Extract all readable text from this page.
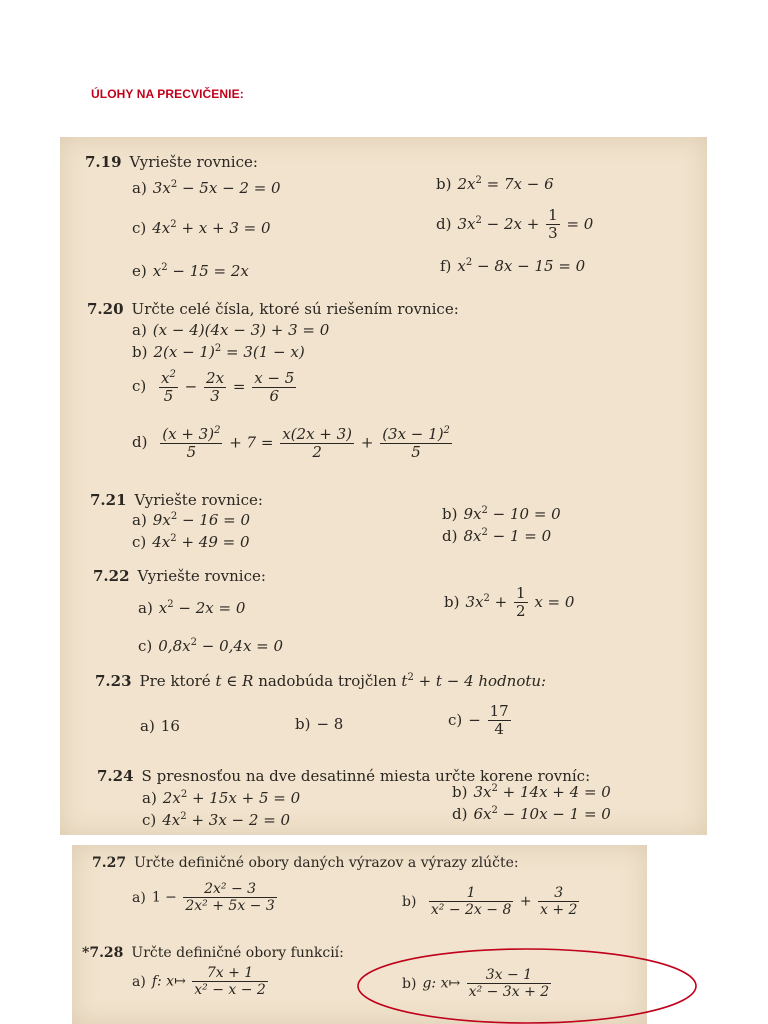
ÚLOHY NA PRECVIČENIE:
7.19 Vyriešte rovnice:
a) $3x^2 - 5x - 2 = 0$	b) $2x^2 = 7x - 6$
c) $4x^2 + x + 3 = 0$	d) $3x^2 - 2x + \frac{1}{3} = 0$
e) $x^2 - 15 = 2x$	f) $x^2 - 8x - 15 = 0$
7.20 Určte celé čísla, ktoré sú riešením rovnice:
a) (x − 4)(4x − 3) + 3 = 0
b) $2(x - 1)^2 = 3(1 - x)$
$c) \frac{x^2}{5} - \frac{2x}{3} = \frac{x - 5}{6}$
$d) \frac{(x + 3)^2}{5} + 7 = \frac{x(2x + 3)}{2} + \frac{(3x - 1)^2}{5}$
7.21 Vyriešte rovnice:
a) $9x^2 - 16 = 0$	b) $9x^2 - 10 = 0$
c) $4x^2 + 49 = 0$	d) $8x^2 - 1 = 0$
7.22 Vyriešte rovnice:
a) $x^2 - 2x = 0$	b) $3x^2 + \frac{1}{2}$ x = 0
c) $0,8x^2 - 0,4x = 0$
7.23 Pre ktoré t ∈ R nadobúda trojčlen $t^2 + t - 4$ hodnotu:
a) 16	b) − 8	$c) - \frac{17}{4}$
7.24 S presnosťou na dve desatinné miesta určte korene rovníc:
a) $2x^2 + 15x + 5 = 0$	b) $3x^2 + 14x + 4 = 0$
c) $4x^2 + 3x - 2 = 0$	d) $6x^2 - 10x - 1 = 0$
7.27 Určte definičné obory daných výrazov a výrazy zlúčte:
a) $1 - \frac{\text{2x² − 3}}{\text{2x² + 5x − 3}}$	$b) \frac{1}{\text{x² − 2x − 8}} + \frac{3}{x + 2}$
*7.28 Určte definičné obory funkcií:
a) f: x↦ $\frac{7x + 1}{\text{x² − x − 2}}$	b) g: x↦ $\frac{3x - 1}{\text{x² − 3x + 2}}$
